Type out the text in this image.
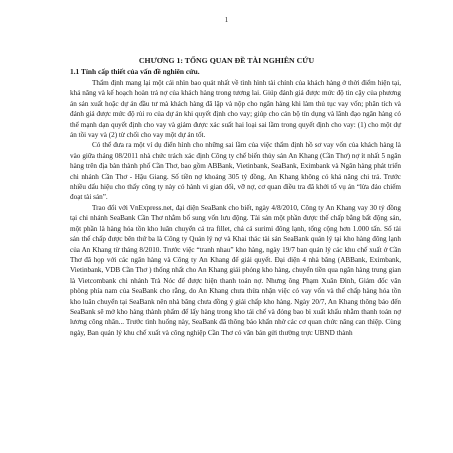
1
CHƯƠNG 1: TỔNG QUAN ĐỀ TÀI NGHIÊN CỨU
1.1 Tính cấp thiết của vấn đề nghiên cứu.

Thẩm định mang lại một cái nhìn bao quát nhất về tình hình tài chính của khách hàng ở thời điểm hiện tại, khả năng và kế hoạch hoàn trả nợ của khách hàng trong tương lai. Giúp đánh giá được mức độ tin cậy của phương án sản xuất hoặc dự án đầu tư mà khách hàng đã lập và nộp cho ngân hàng khi làm thủ tục vay vốn; phân tích và đánh giá được mức độ rủi ro của dự án khi quyết định cho vay; giúp cho cán bộ tín dụng và lãnh đạo ngân hàng có thể mạnh dạn quyết định cho vay và giảm được xác suất hai loại sai lầm trong quyết định cho vay: (1) cho một dự án tồi vay và (2) từ chối cho vay một dự án tốt.

Có thể đưa ra một ví dụ điển hình cho những sai lầm của việc thẩm định hồ sơ vay vốn của khách hàng là vào giữa tháng 08/2011 nhà chức trách xác định Công ty chế biến thủy sản An Khang (Cần Thơ) nợ ít nhất 5 ngân hàng trên địa bàn thành phố Cần Thơ, bao gồm ABBank, Vietinbank, SeaBank, Eximbank và Ngân hàng phát triển chi nhánh Cần Thơ - Hậu Giang. Số tiền nợ khoảng 305 tỷ đồng, An Khang không có khả năng chi trả. Trước nhiều dấu hiệu cho thấy công ty này có hành vi gian dối, vỡ nợ, cơ quan điều tra đã khởi tố vụ án “lừa đảo chiếm đoạt tài sản”.

Trao đổi với VnExpress.net, đại diện SeaBank cho biết, ngày 4/8/2010, Công ty An Khang vay 30 tỷ đồng tại chi nhánh SeaBank Cần Thơ nhằm bổ sung vốn lưu động. Tài sản một phần được thế chấp bằng bất động sản, một phần là hàng hóa tồn kho luân chuyển cá tra fillet, chả cá surimi đông lạnh, tổng cộng hơn 1.000 tấn. Số tài sản thế chấp được bên thứ ba là Công ty Quản lý nợ và Khai thác tài sản SeaBank quản lý tại kho hàng đông lạnh của An Khang từ tháng 8/2010. Trước việc “tranh nhau” kho hàng, ngày 19/7 ban quản lý các khu chế xuất ở Cần Thơ đã họp với các ngân hàng và Công ty An Khang để giải quyết. Đại diện 4 nhà băng (ABBank, Eximbank, Vietinbank, VDB Cần Thơ ) thống nhất cho An Khang giải phóng kho hàng, chuyển tiền qua ngân hàng trung gian là Vietcombank chi nhánh Trà Nóc để được hiện thanh toán nợ. Nhưng ông Phạm Xuân Đình, Giám đốc văn phòng phía nam của SeaBank cho rằng, do An Khang chưa thừa nhận việc có vay vốn và thế chấp hàng hóa tồn kho luân chuyển tại SeaBank nên nhà băng chưa đồng ý giải chấp kho hàng. Ngày 20/7, An Khang thông báo đến SeaBank sẽ mở kho hàng thành phẩm để lấy hàng trong kho tái chế và đóng bao bì xuất khẩu nhằm thanh toán nợ lương công nhân... Trước tình huống này, SeaBank đã thông báo khẩn nhờ các cơ quan chức năng can thiệp. Cùng ngày, Ban quản lý khu chế xuất và công nghiệp Cần Thơ có văn bản gửi thường trực UBND thành
